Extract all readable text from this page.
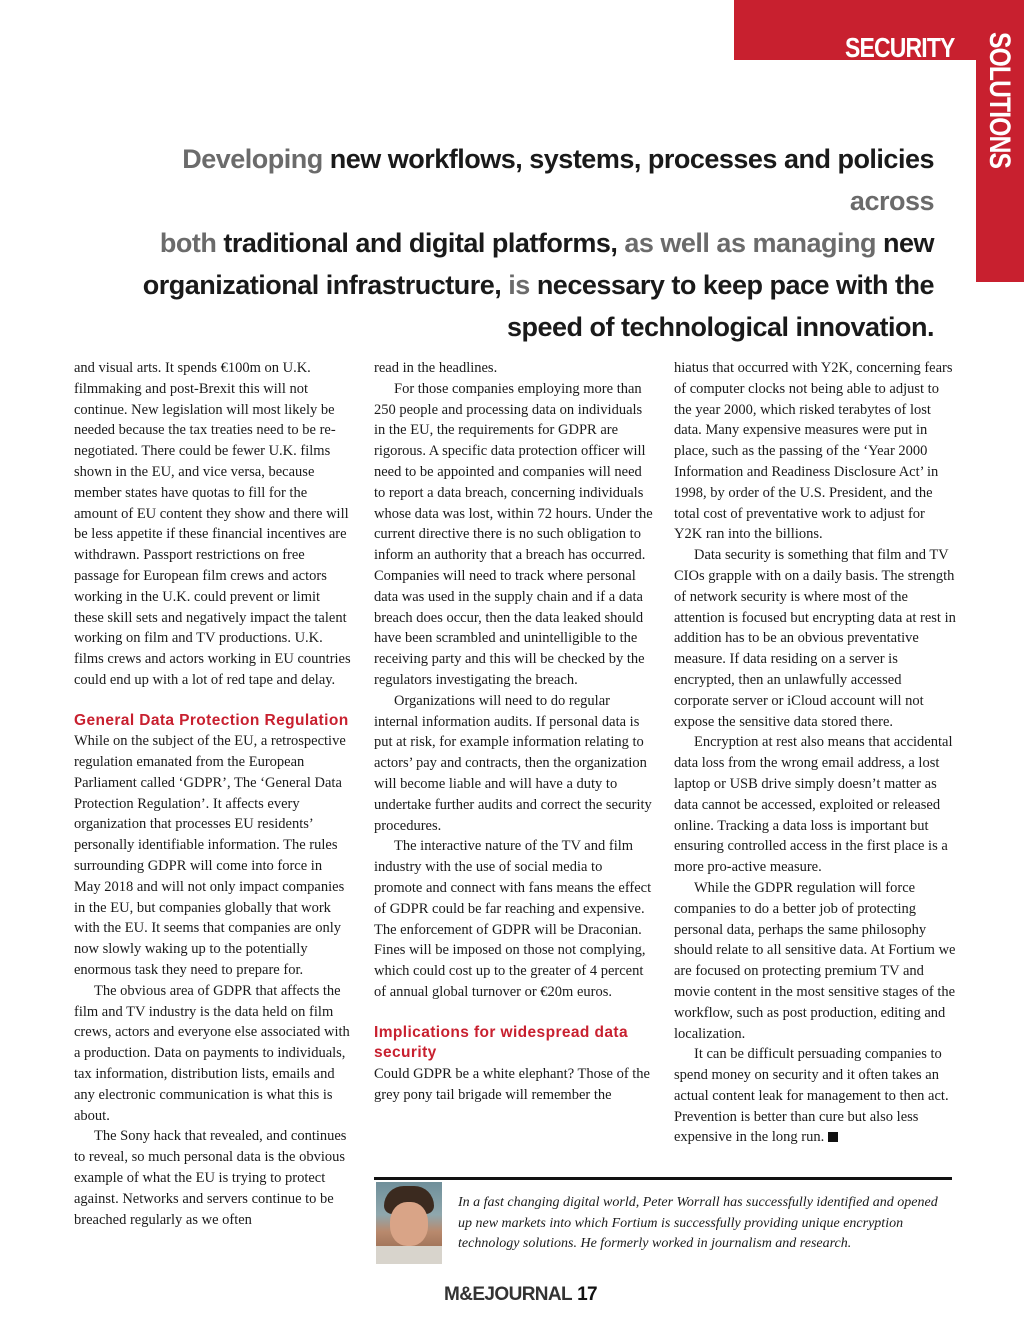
SECURITY SOLUTIONS

Developing new workflows, systems, processes and policies across
both traditional and digital platforms, as well as managing new
organizational infrastructure, is necessary to keep pace with the
speed of technological innovation.

and visual arts. It spends €100m on U.K. filmmaking and post-Brexit this will not continue. New legislation will most likely be needed because the tax treaties need to be re-negotiated. There could be fewer U.K. films shown in the EU, and vice versa, because member states have quotas to fill for the amount of EU content they show and there will be less appetite if these financial incentives are withdrawn. Passport restrictions on free passage for European film crews and actors working in the U.K. could prevent or limit these skill sets and negatively impact the talent working on film and TV productions. U.K. films crews and actors working in EU countries could end up with a lot of red tape and delay.

General Data Protection Regulation

While on the subject of the EU, a retrospective regulation emanated from the European Parliament called ‘GDPR’, The ‘General Data Protection Regulation’. It affects every organization that processes EU residents’ personally identifiable information. The rules surrounding GDPR will come into force in May 2018 and will not only impact companies in the EU, but companies globally that work with the EU. It seems that companies are only now slowly waking up to the potentially enormous task they need to prepare for.

The obvious area of GDPR that affects the film and TV industry is the data held on film crews, actors and everyone else associated with a production. Data on payments to individuals, tax information, distribution lists, emails and any electronic communication is what this is about.

The Sony hack that revealed, and continues to reveal, so much personal data is the obvious example of what the EU is trying to protect against. Networks and servers continue to be breached regularly as we often

read in the headlines.

For those companies employing more than 250 people and processing data on individuals in the EU, the requirements for GDPR are rigorous. A specific data protection officer will need to be appointed and companies will need to report a data breach, concerning individuals whose data was lost, within 72 hours. Under the current directive there is no such obligation to inform an authority that a breach has occurred. Companies will need to track where personal data was used in the supply chain and if a data breach does occur, then the data leaked should have been scrambled and unintelligible to the receiving party and this will be checked by the regulators investigating the breach.

Organizations will need to do regular internal information audits. If personal data is put at risk, for example information relating to actors’ pay and contracts, then the organization will become liable and will have a duty to undertake further audits and correct the security procedures.

The interactive nature of the TV and film industry with the use of social media to promote and connect with fans means the effect of GDPR could be far reaching and expensive. The enforcement of GDPR will be Draconian. Fines will be imposed on those not complying, which could cost up to the greater of 4 percent of annual global turnover or €20m euros.

Implications for widespread data security

Could GDPR be a white elephant? Those of the grey pony tail brigade will remember the

hiatus that occurred with Y2K, concerning fears of computer clocks not being able to adjust to the year 2000, which risked terabytes of lost data. Many expensive measures were put in place, such as the passing of the ‘Year 2000 Information and Readiness Disclosure Act’ in 1998, by order of the U.S. President, and the total cost of preventative work to adjust for Y2K ran into the billions.

Data security is something that film and TV CIOs grapple with on a daily basis. The strength of network security is where most of the attention is focused but encrypting data at rest in addition has to be an obvious preventative measure. If data residing on a server is encrypted, then an unlawfully accessed corporate server or iCloud account will not expose the sensitive data stored there.

Encryption at rest also means that accidental data loss from the wrong email address, a lost laptop or USB drive simply doesn’t matter as data cannot be accessed, exploited or released online. Tracking a data loss is important but ensuring controlled access in the first place is a more pro-active measure.

While the GDPR regulation will force companies to do a better job of protecting personal data, perhaps the same philosophy should relate to all sensitive data. At Fortium we are focused on protecting premium TV and movie content in the most sensitive stages of the workflow, such as post production, editing and localization.

It can be difficult persuading companies to spend money on security and it often takes an actual content leak for management to then act. Prevention is better than cure but also less expensive in the long run.

In a fast changing digital world, Peter Worrall has successfully identified and opened up new markets into which Fortium is successfully providing unique encryption technology solutions. He formerly worked in journalism and research.

M&EJOURNAL 17
